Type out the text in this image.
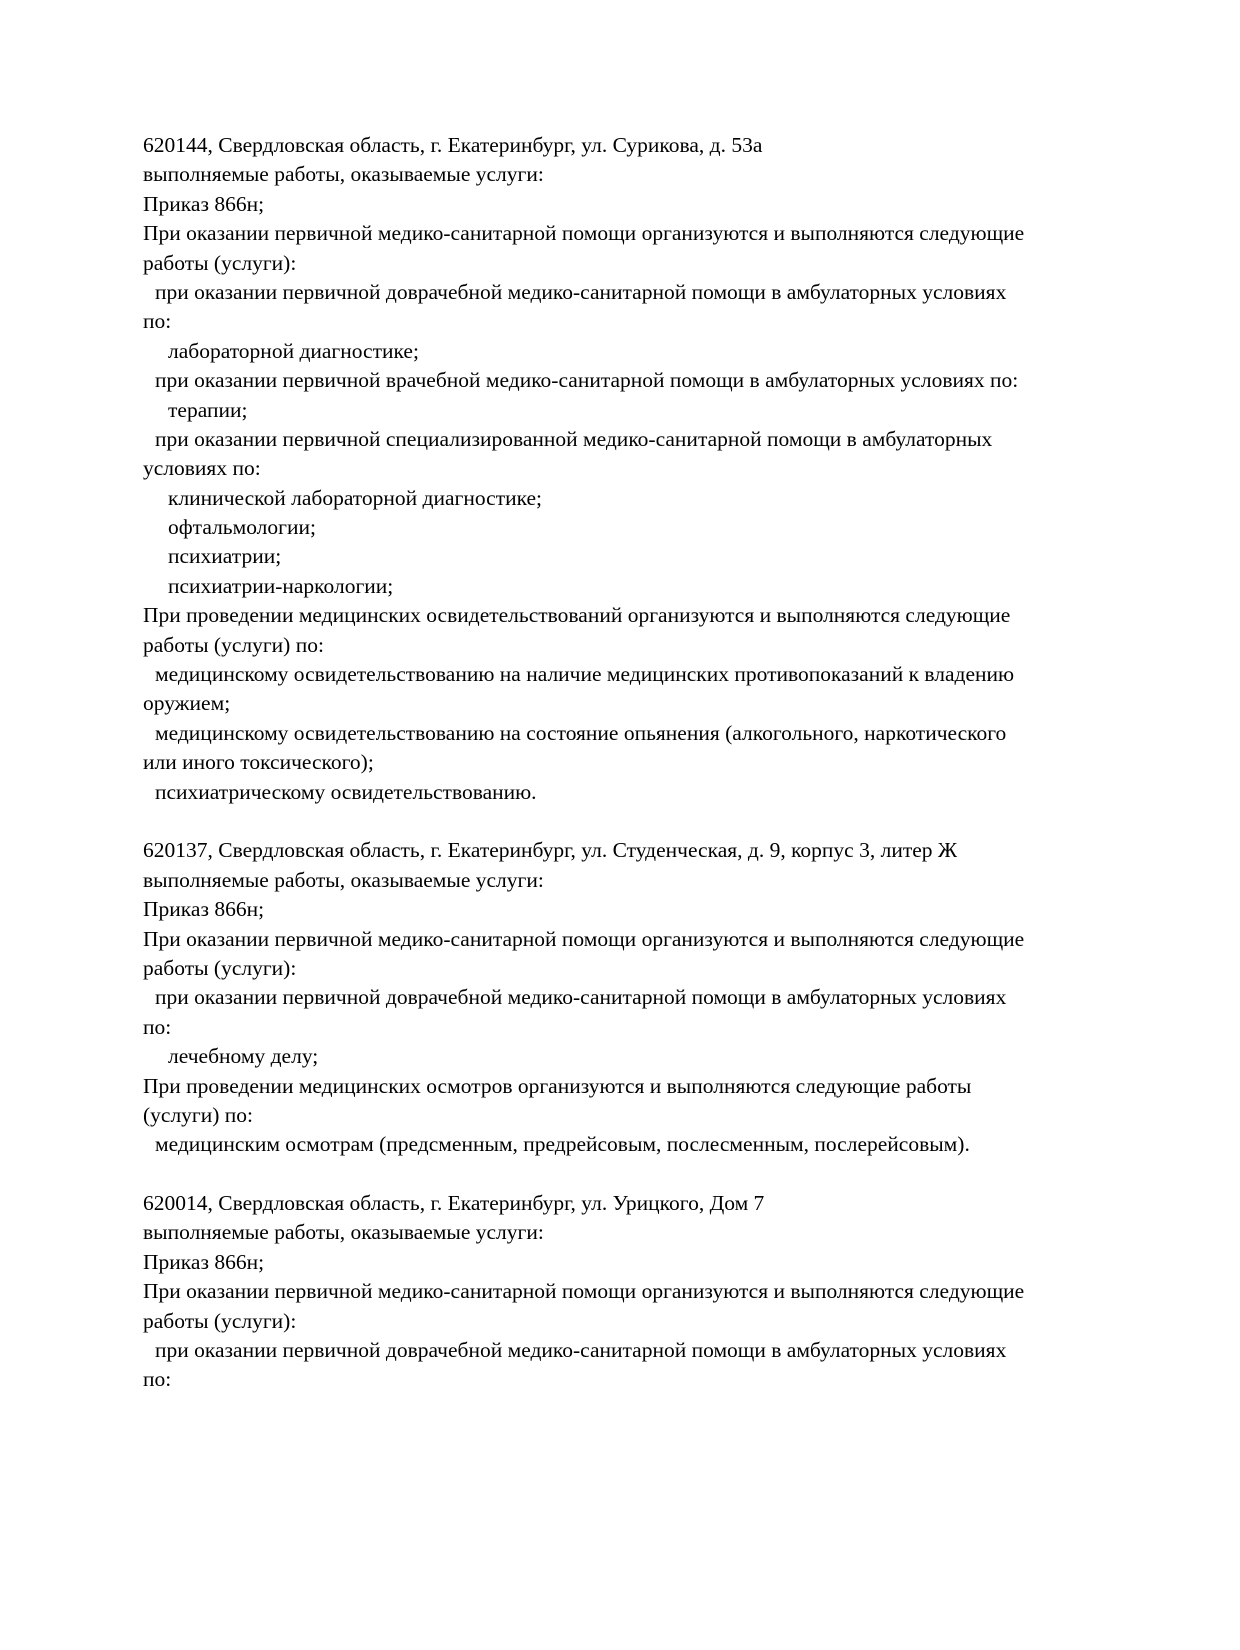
620144, Свердловская область, г. Екатеринбург, ул. Сурикова, д. 53а
выполняемые работы, оказываемые услуги:
Приказ 866н;
При оказании первичной медико-санитарной помощи организуются и выполняются следующие
работы (услуги):
при оказании первичной доврачебной медико-санитарной помощи в амбулаторных условиях
по:
лабораторной диагностике;
при оказании первичной врачебной медико-санитарной помощи в амбулаторных условиях по:
терапии;
при оказании первичной специализированной медико-санитарной помощи в амбулаторных
условиях по:
клинической лабораторной диагностике;
офтальмологии;
психиатрии;
психиатрии-наркологии;
При проведении медицинских освидетельствований организуются и выполняются следующие
работы (услуги) по:
медицинскому освидетельствованию на наличие медицинских противопоказаний к владению
оружием;
медицинскому освидетельствованию на состояние опьянения (алкогольного, наркотического
или иного токсического);
психиатрическому освидетельствованию.
620137, Свердловская область, г. Екатеринбург, ул. Студенческая, д. 9, корпус 3, литер Ж
выполняемые работы, оказываемые услуги:
Приказ 866н;
При оказании первичной медико-санитарной помощи организуются и выполняются следующие
работы (услуги):
при оказании первичной доврачебной медико-санитарной помощи в амбулаторных условиях
по:
лечебному делу;
При проведении медицинских осмотров организуются и выполняются следующие работы
(услуги) по:
медицинским осмотрам (предсменным, предрейсовым, послесменным, послерейсовым).
620014, Свердловская область, г. Екатеринбург, ул. Урицкого, Дом 7
выполняемые работы, оказываемые услуги:
Приказ 866н;
При оказании первичной медико-санитарной помощи организуются и выполняются следующие
работы (услуги):
при оказании первичной доврачебной медико-санитарной помощи в амбулаторных условиях
по:
